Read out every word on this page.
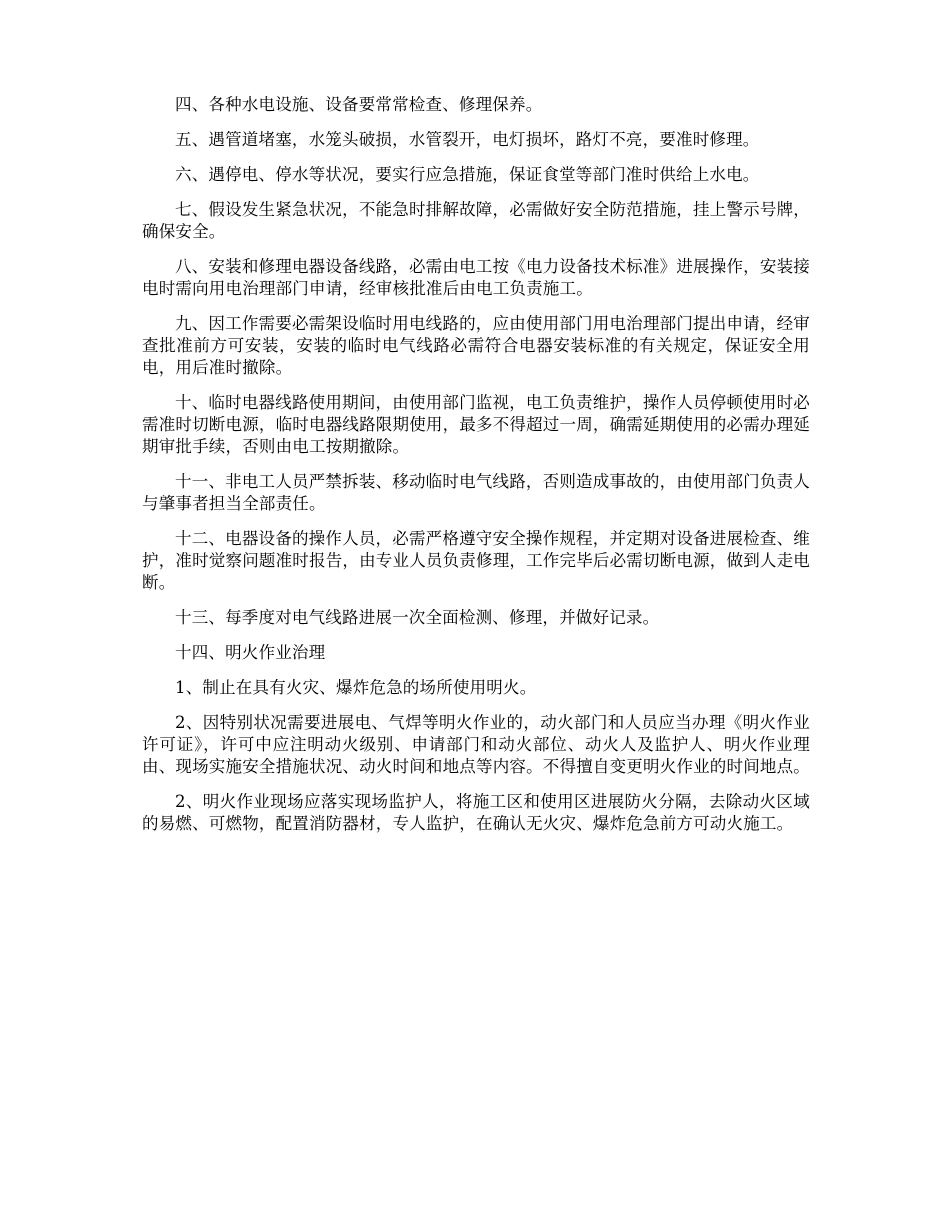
四、各种水电设施、设备要常常检查、修理保养。

五、遇管道堵塞，水笼头破损，水管裂开，电灯损坏，路灯不亮，要准时修理。

六、遇停电、停水等状况，要实行应急措施，保证食堂等部门准时供给上水电。

七、假设发生紧急状况，不能急时排解故障，必需做好安全防范措施，挂上警示号牌，确保安全。

八、安装和修理电器设备线路，必需由电工按《电力设备技术标准》进展操作，安装接电时需向用电治理部门申请，经审核批准后由电工负责施工。

九、因工作需要必需架设临时用电线路的，应由使用部门用电治理部门提出申请，经审查批准前方可安装，安装的临时电气线路必需符合电器安装标准的有关规定，保证安全用电，用后准时撤除。

十、临时电器线路使用期间，由使用部门监视，电工负责维护，操作人员停顿使用时必需准时切断电源，临时电器线路限期使用，最多不得超过一周，确需延期使用的必需办理延期审批手续，否则由电工按期撤除。

十一、非电工人员严禁拆装、移动临时电气线路，否则造成事故的，由使用部门负责人与肇事者担当全部责任。

十二、电器设备的操作人员，必需严格遵守安全操作规程，并定期对设备进展检查、维护，准时觉察问题准时报告，由专业人员负责修理，工作完毕后必需切断电源，做到人走电断。

十三、每季度对电气线路进展一次全面检测、修理，并做好记录。

十四、明火作业治理

1、制止在具有火灾、爆炸危急的场所使用明火。

2、因特别状况需要进展电、气焊等明火作业的，动火部门和人员应当办理《明火作业许可证》，许可中应注明动火级别、申请部门和动火部位、动火人及监护人、明火作业理由、现场实施安全措施状况、动火时间和地点等内容。不得擅自变更明火作业的时间地点。

2、明火作业现场应落实现场监护人，将施工区和使用区进展防火分隔，去除动火区域的易燃、可燃物，配置消防器材，专人监护，在确认无火灾、爆炸危急前方可动火施工。
